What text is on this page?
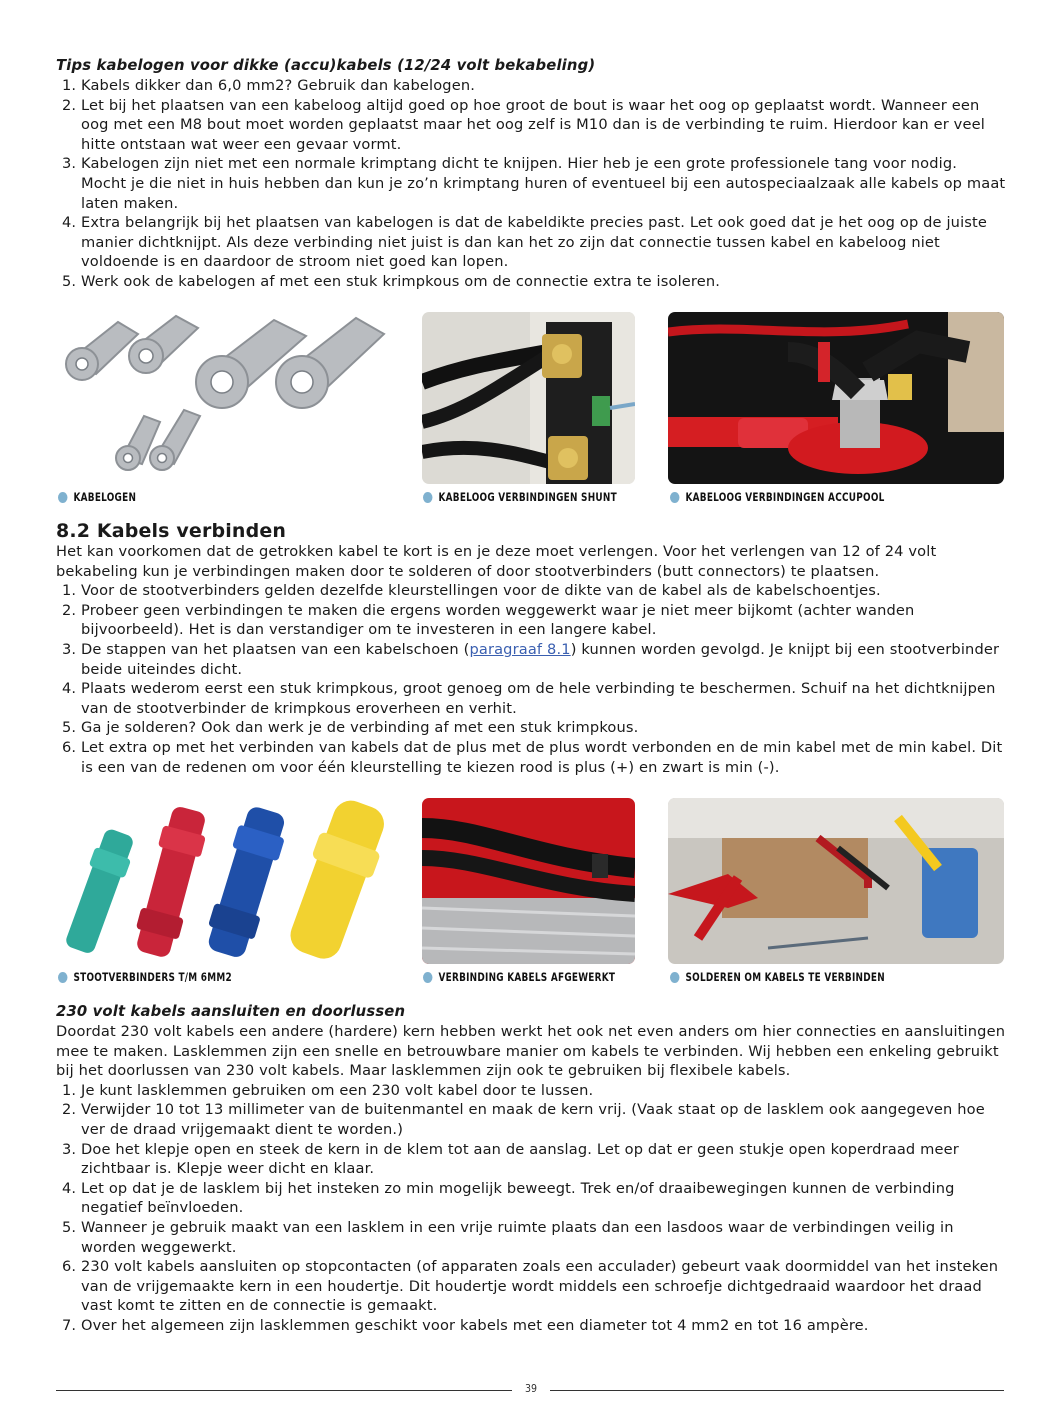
Tips kabelogen voor dikke (accu)kabels (12/24 volt bekabeling)

1. Kabels dikker dan 6,0 mm2? Gebruik dan kabelogen.
2. Let bij het plaatsen van een kabeloog altijd goed op hoe groot de bout is waar het oog op geplaatst wordt. Wanneer een oog met een M8 bout moet worden geplaatst maar het oog zelf is M10 dan is de verbinding te ruim. Hierdoor kan er veel hitte ontstaan wat weer een gevaar vormt.
3. Kabelogen zijn niet met een normale krimptang dicht te knijpen. Hier heb je een grote professionele tang voor nodig. Mocht je die niet in huis hebben dan kun je zo’n krimptang huren of eventueel bij een autospeciaalzaak alle kabels op maat laten maken.
4. Extra belangrijk bij het plaatsen van kabelogen is dat de kabeldikte precies past. Let ook goed dat je het oog op de juiste manier dichtknijpt. Als deze verbinding niet juist is dan kan het zo zijn dat connectie tussen kabel en kabeloog niet voldoende is en daardoor de stroom niet goed kan lopen.
5. Werk ook de kabelogen af met een stuk krimpkous om de connectie extra te isoleren.
KABELOGEN	KABELOOG VERBINDINGEN SHUNT	KABELOOG VERBINDINGEN ACCUPOOL

8.2 Kabels verbinden

Het kan voorkomen dat de getrokken kabel te kort is en je deze moet verlengen. Voor het verlengen van 12 of 24 volt bekabeling kun je verbindingen maken door te solderen of door stootverbinders (butt connectors) te plaatsen.

1. Voor de stootverbinders gelden dezelfde kleurstellingen voor de dikte van de kabel als de kabelschoentjes.
2. Probeer geen verbindingen te maken die ergens worden weggewerkt waar je niet meer bijkomt (achter wanden bijvoorbeeld). Het is dan verstandiger om te investeren in een langere kabel.
3. De stappen van het plaatsen van een kabelschoen (paragraaf 8.1) kunnen worden gevolgd. Je knijpt bij een stootverbinder beide uiteindes dicht.
4. Plaats wederom eerst een stuk krimpkous, groot genoeg om de hele verbinding te beschermen. Schuif na het dichtknijpen van de stootverbinder de krimpkous eroverheen en verhit.
5. Ga je solderen? Ook dan werk je de verbinding af met een stuk krimpkous.
6. Let extra op met het verbinden van kabels dat de plus met de plus wordt verbonden en de min kabel met de min kabel. Dit is een van de redenen om voor één kleurstelling te kiezen rood is plus (+) en zwart is min (-).
STOOTVERBINDERS T/M 6MM2	VERBINDING KABELS AFGEWERKT	SOLDEREN OM KABELS TE VERBINDEN

230 volt kabels aansluiten en doorlussen

Doordat 230 volt kabels een andere (hardere) kern hebben werkt het ook net even anders om hier connecties en aansluitingen mee te maken. Lasklemmen zijn een snelle en betrouwbare manier om kabels te verbinden. Wij hebben een enkeling gebruikt bij het doorlussen van 230 volt kabels. Maar lasklemmen zijn ook te gebruiken bij flexibele kabels.

1. Je kunt lasklemmen gebruiken om een 230 volt kabel door te lussen.
2. Verwijder 10 tot 13 millimeter van de buitenmantel en maak de kern vrij. (Vaak staat op de lasklem ook aangegeven hoe ver de draad vrijgemaakt dient te worden.)
3. Doe het klepje open en steek de kern in de klem tot aan de aanslag. Let op dat er geen stukje open koperdraad meer zichtbaar is. Klepje weer dicht en klaar.
4. Let op dat je de lasklem bij het insteken zo min mogelijk beweegt. Trek en/of draaibewegingen kunnen de verbinding negatief beïnvloeden.
5. Wanneer je gebruik maakt van een lasklem in een vrije ruimte plaats dan een lasdoos waar de verbindingen veilig in worden weggewerkt.
6. 230 volt kabels aansluiten op stopcontacten (of apparaten zoals een acculader) gebeurt vaak doormiddel van het insteken van de vrijgemaakte kern in een houdertje. Dit houdertje wordt middels een schroefje dichtgedraaid waardoor het draad vast komt te zitten en de connectie is gemaakt.
7. Over het algemeen zijn lasklemmen geschikt voor kabels met een diameter tot 4 mm2 en tot 16 ampère.
39
